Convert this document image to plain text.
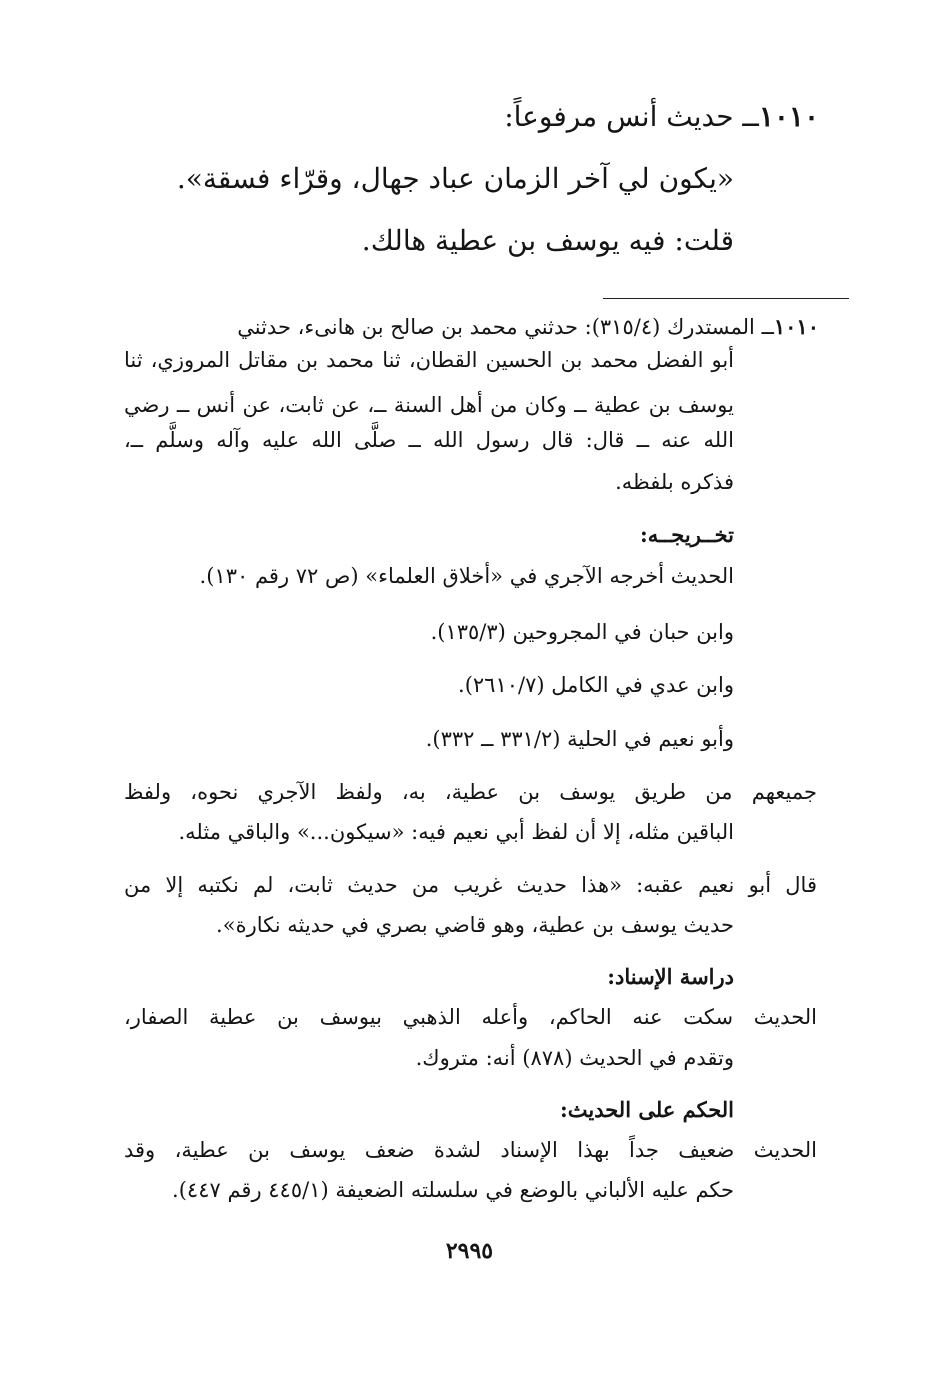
١٠١٠ــ حديث أنس مرفوعاً:
«يكون لي آخر الزمان عباد جهال، وقرّاء فسقة».
قلت: فيه يوسف بن عطية هالك.
١٠١٠ــ المستدرك (٣١٥/٤): حدثني محمد بن صالح بن هانىء، حدثني
أبو الفضل محمد بن الحسين القطان، ثنا محمد بن مقاتل المروزي، ثنا
يوسف بن عطية ــ وكان من أهل السنة ــ، عن ثابت، عن أنس ــ رضي
الله عنه ــ قال: قال رسول الله ــ صلَّى الله عليه وآله وسلَّم ــ،
فذكره بلفظه.
تخــريجــه:
الحديث أخرجه الآجري في «أخلاق العلماء» (ص ٧٢ رقم ١٣٠).
وابن حبان في المجروحين (١٣٥/٣).
وابن عدي في الكامل (٢٦١٠/٧).
وأبو نعيم في الحلية (٣٣١/٢ ــ ٣٣٢).
جميعهم من طريق يوسف بن عطية، به، ولفظ الآجري نحوه، ولفظ
الباقين مثله، إلا أن لفظ أبي نعيم فيه: «سيكون...» والباقي مثله.
قال أبو نعيم عقبه: «هذا حديث غريب من حديث ثابت، لم نكتبه إلا من
حديث يوسف بن عطية، وهو قاضي بصري في حديثه نكارة».
دراسة الإسناد:
الحديث سكت عنه الحاكم، وأعله الذهبي بيوسف بن عطية الصفار،
وتقدم في الحديث (٨٧٨) أنه: متروك.
الحكم على الحديث:
الحديث ضعيف جداً بهذا الإسناد لشدة ضعف يوسف بن عطية، وقد
حكم عليه الألباني بالوضع في سلسلته الضعيفة (٤٤٥/١ رقم ٤٤٧).
٢٩٩٥
